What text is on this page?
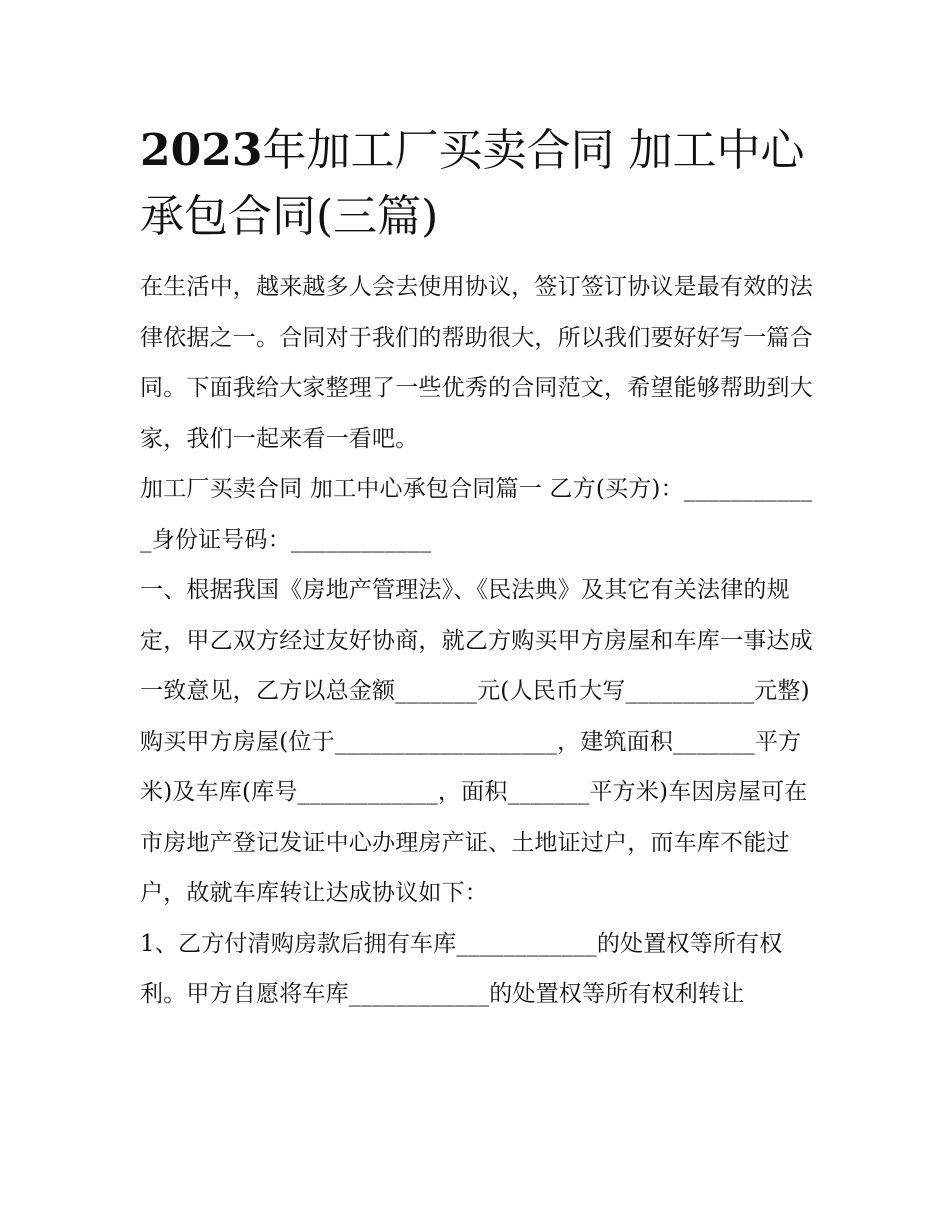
2023年加工厂买卖合同 加工中心承包合同(三篇)

在生活中，越来越多人会去使用协议，签订签订协议是最有效的法律依据之一。合同对于我们的帮助很大，所以我们要好好写一篇合同。下面我给大家整理了一些优秀的合同范文，希望能够帮助到大家，我们一起来看一看吧。

加工厂买卖合同 加工中心承包合同篇一 乙方(买方)：____________身份证号码：____________

一、根据我国《房地产管理法》、《民法典》及其它有关法律的规定，甲乙双方经过友好协商，就乙方购买甲方房屋和车库一事达成一致意见，乙方以总金额_______元(人民币大写___________元整)购买甲方房屋(位于___________________，建筑面积_______平方米)及车库(库号____________，面积_______平方米)车因房屋可在市房地产登记发证中心办理房产证、土地证过户，而车库不能过户，故就车库转让达成协议如下：

1、乙方付清购房款后拥有车库____________的处置权等所有权利。甲方自愿将车库____________的处置权等所有权利转让
